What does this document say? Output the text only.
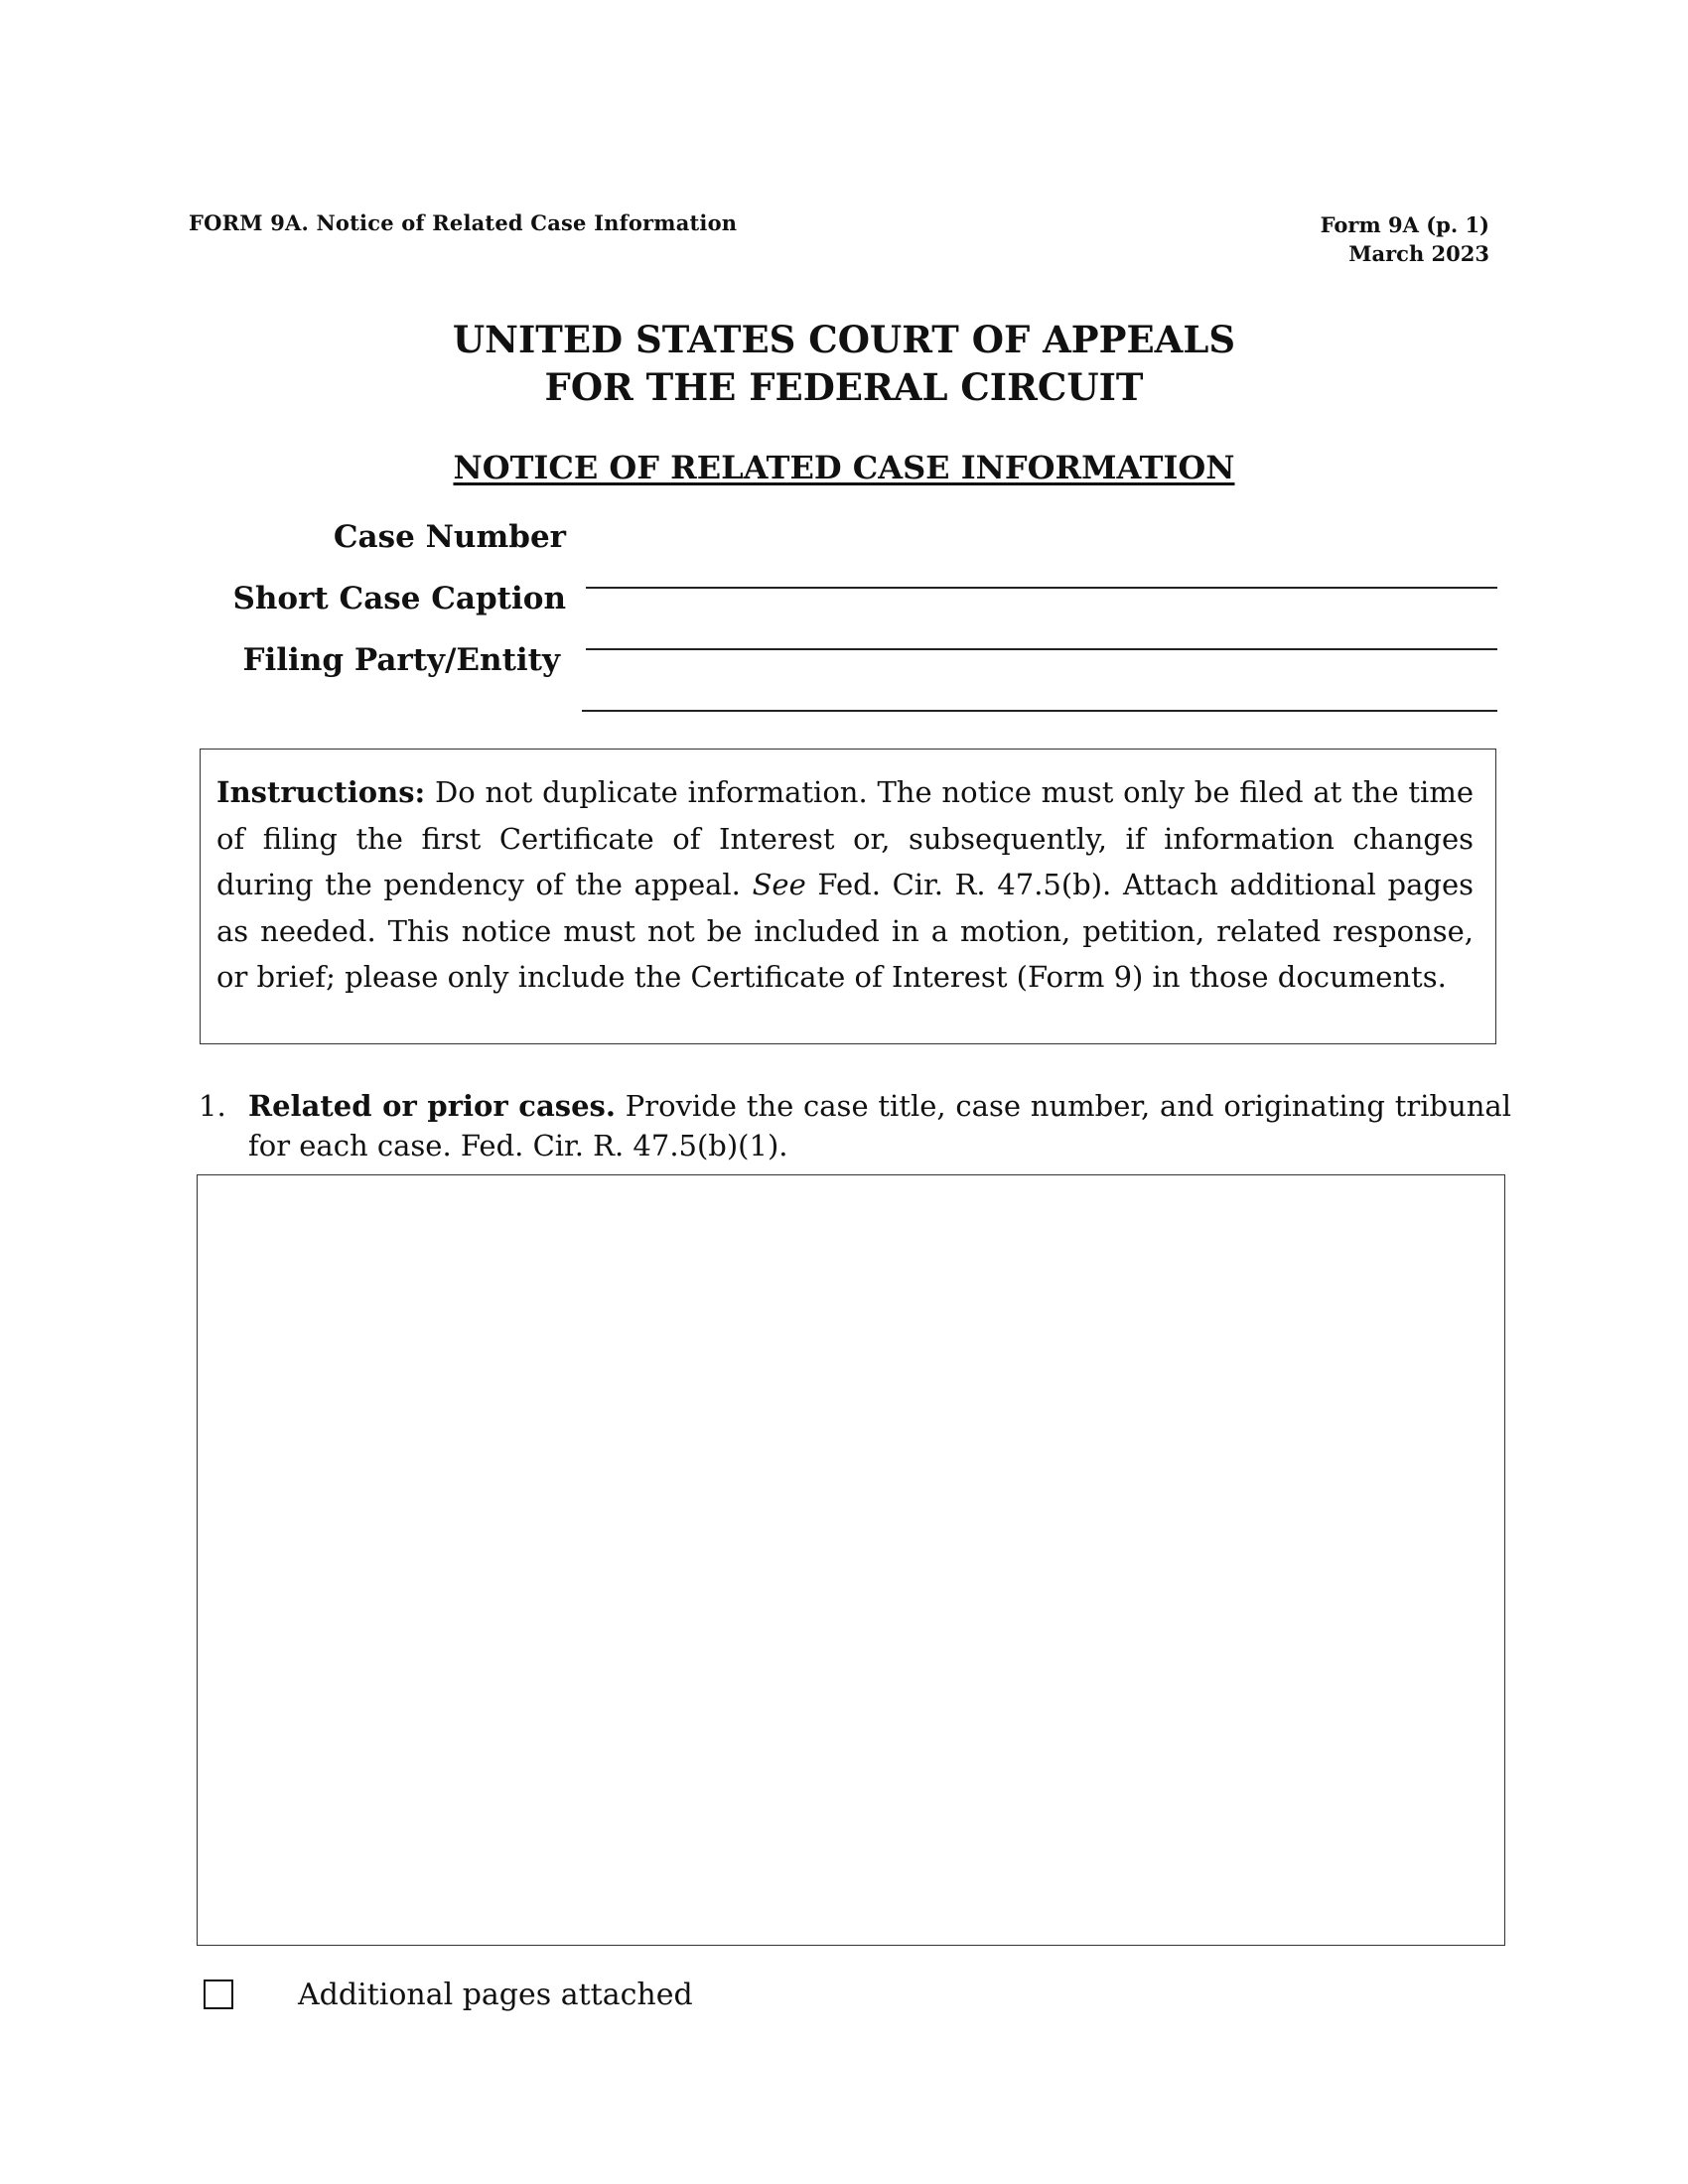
FORM 9A. Notice of Related Case Information	Form 9A (p. 1)
March 2023
UNITED STATES COURT OF APPEALS
FOR THE FEDERAL CIRCUIT
NOTICE OF RELATED CASE INFORMATION
Case Number
Short Case Caption
Filing Party/Entity
Instructions: Do not duplicate information. The notice must only be filed at the time of filing the first Certificate of Interest or, subsequently, if information changes during the pendency of the appeal. See Fed. Cir. R. 47.5(b). Attach additional pages as needed. This notice must not be included in a motion, petition, related response, or brief; please only include the Certificate of Interest (Form 9) in those documents.
1. Related or prior cases. Provide the case title, case number, and originating tribunal for each case. Fed. Cir. R. 47.5(b)(1).
Additional pages attached
